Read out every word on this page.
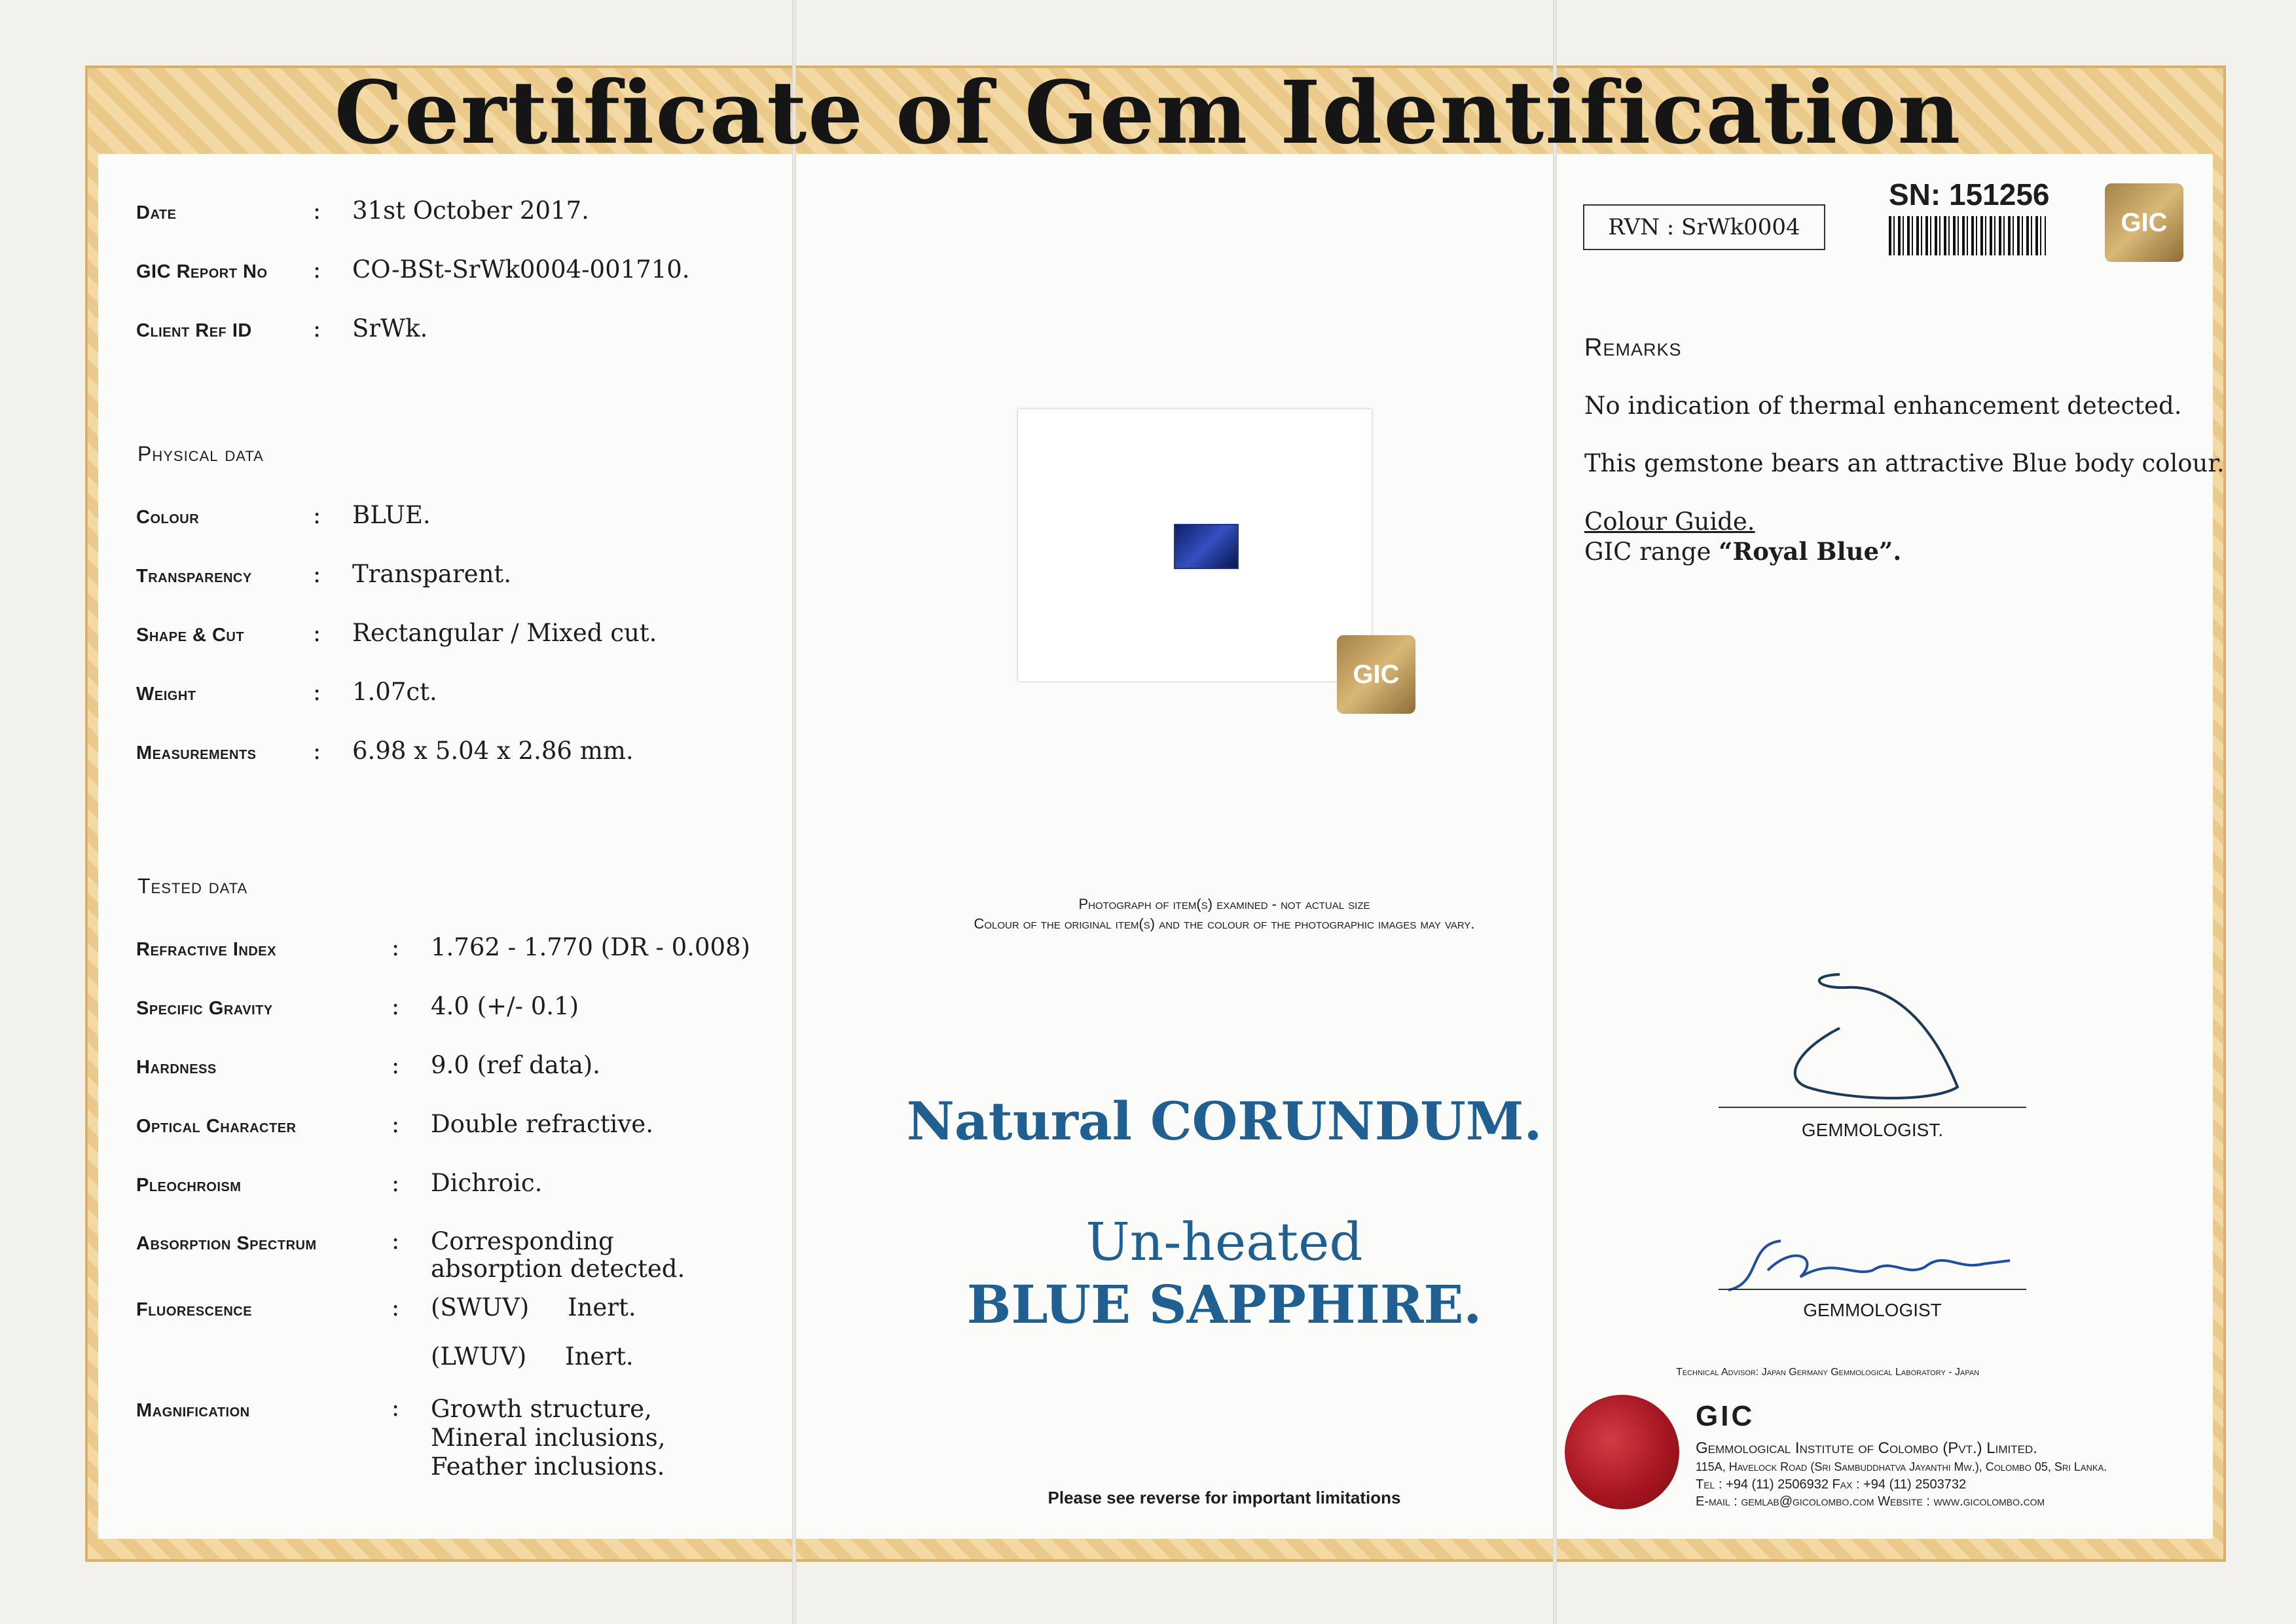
Certificate of Gem Identification
Date	:	31st October 2017.
GIC Report No	:	CO-BSt-SrWk0004-001710.
Client Ref ID	:	SrWk.
Physical data
Colour	:	BLUE.
Transparency	:	Transparent.
Shape & Cut	:	Rectangular / Mixed cut.
Weight	:	1.07ct.
Measurements	:	6.98 x 5.04 x 2.86 mm.
Tested data
Refractive Index	:	1.762 - 1.770 (DR - 0.008)
Specific Gravity	:	4.0 (+/- 0.1)
Hardness	:	9.0 (ref data).
Optical Character	:	Double refractive.
Pleochroism	:	Dichroic.
Absorption Spectrum	:	Corresponding absorption detected.
Fluorescence	:	(SWUV)     Inert.
(LWUV)     Inert.
Magnification	:	Growth structure, Mineral inclusions, Feather inclusions.
GIC
Photograph of item(s) examined - not actual size
Colour of the original item(s) and the colour of the photographic images may vary.
Natural CORUNDUM.
Un-heated
BLUE SAPPHIRE.
Please see reverse for important limitations
RVN : SrWk0004
SN: 151256
GIC
Remarks
No indication of thermal enhancement detected.
This gemstone bears an attractive Blue body colour.
Colour Guide.
GIC range “Royal Blue”.
GEMMOLOGIST.
GEMMOLOGIST
Technical Advisor: Japan Germany Gemmological Laboratory - Japan
GIC
Gemmological Institute of Colombo (Pvt.) Limited.
115A, Havelock Road (Sri Sambuddhatva Jayanthi Mw.), Colombo 05, Sri Lanka.
Tel : +94 (11) 2506932 Fax : +94 (11) 2503732
E-mail : gemlab@gicolombo.com Website : www.gicolombo.com
